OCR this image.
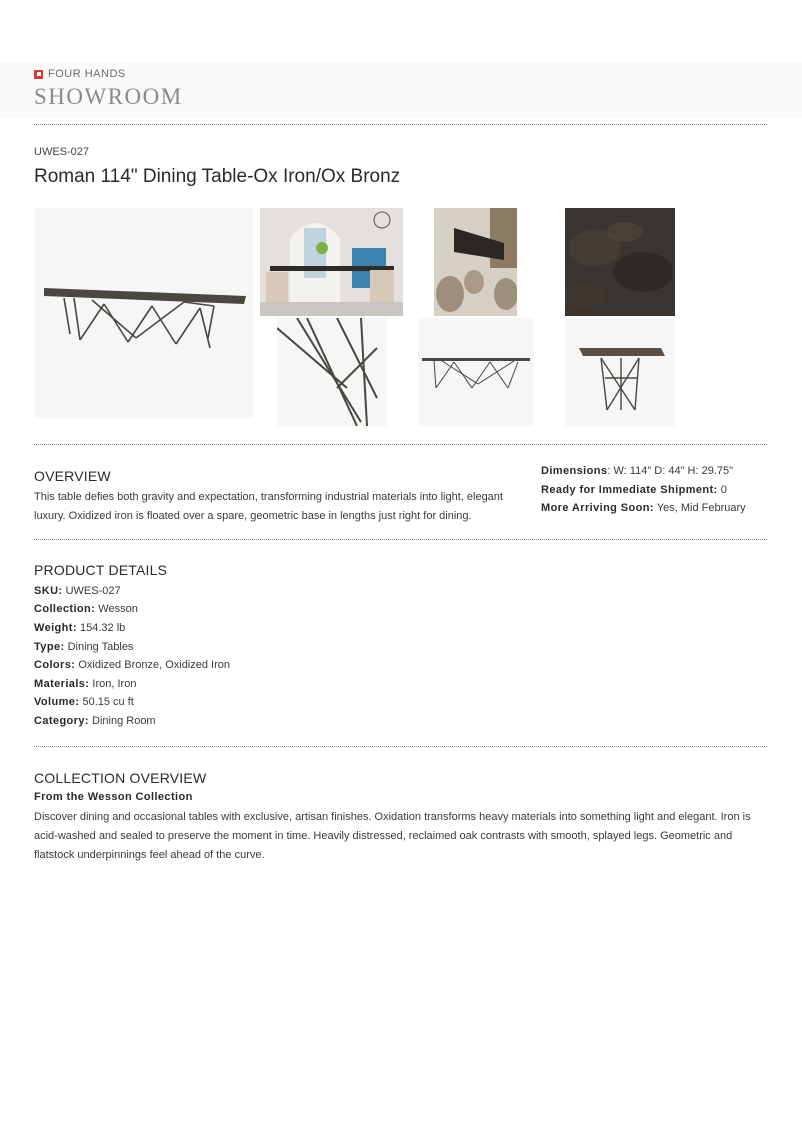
FOUR HANDS
SHOWROOM
UWES-027
Roman 114" Dining Table-Ox Iron/Ox Bronz
OVERVIEW
This table defies both gravity and expectation, transforming industrial materials into light, elegant luxury. Oxidized iron is floated over a spare, geometric base in lengths just right for dining.
Dimensions: W: 114" D: 44" H: 29.75"
Ready for Immediate Shipment: 0
More Arriving Soon: Yes, Mid February
PRODUCT DETAILS
SKU: UWES-027
Collection: Wesson
Weight: 154.32 lb
Type: Dining Tables
Colors: Oxidized Bronze, Oxidized Iron
Materials: Iron, Iron
Volume: 50.15 cu ft
Category: Dining Room
COLLECTION OVERVIEW
From the Wesson Collection
Discover dining and occasional tables with exclusive, artisan finishes. Oxidation transforms heavy materials into something light and elegant. Iron is acid-washed and sealed to preserve the moment in time. Heavily distressed, reclaimed oak contrasts with smooth, splayed legs. Geometric and flatstock underpinnings feel ahead of the curve.
